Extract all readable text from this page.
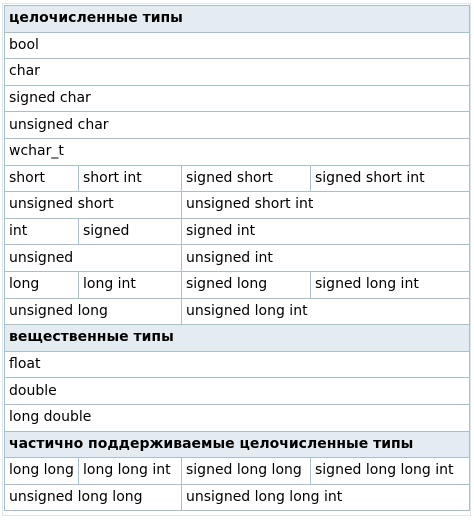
целочисленные типы			
bool			
char			
signed char			
unsigned char			
wchar_t			
short	short int	signed short	signed short int
unsigned short		unsigned short int	
int	signed	signed int	
unsigned		unsigned int	
long	long int	signed long	signed long int
unsigned long		unsigned long int	
вещественные типы			
float			
double			
long double			
частично поддерживаемые целочисленные типы			
long long	long long int	signed long long	signed long long int
unsigned long long		unsigned long long int	
